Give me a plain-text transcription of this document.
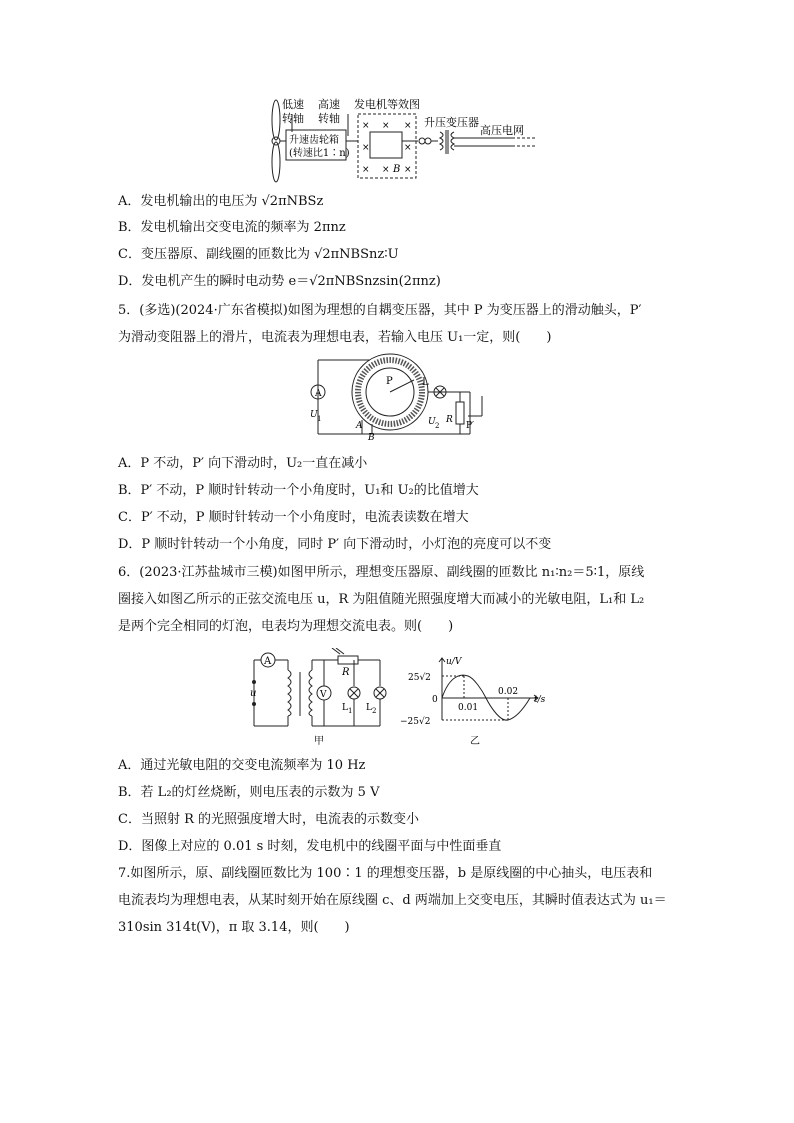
低速
转轴
高速
转轴
发电机等效图
升速齿轮箱
(转速比1∶n)
升压变压器
高压电网
× × ×
×	×
× × ×
B
A．发电机输出的电压为 √2πNBSz
B．发电机输出交变电流的频率为 2πnz
C．变压器原、副线圈的匝数比为 √2πNBSnz∶U
D．发电机产生的瞬时电动势 e＝√2πNBSnzsin(2πnz)
5．(多选)(2024·广东省模拟)如图为理想的自耦变压器，其中 P 为变压器上的滑动触头，P′
为滑动变阻器上的滑片，电流表为理想电表，若输入电压 U₁一定，则(　　)
A
P	L
U 1	U 2
R
P′
A
B
A．P 不动，P′ 向下滑动时，U₂一直在减小
B．P′ 不动，P 顺时针转动一个小角度时，U₁和 U₂的比值增大
C．P′ 不动，P 顺时针转动一个小角度时，电流表读数在增大
D．P 顺时针转动一个小角度，同时 P′ 向下滑动时，小灯泡的亮度可以不变
6．(2023·江苏盐城市三模)如图甲所示，理想变压器原、副线圈的匝数比 n₁∶n₂＝5∶1，原线
圈接入如图乙所示的正弦交流电压 u，R 为阻值随光照强度增大而减小的光敏电阻，L₁和 L₂
是两个完全相同的灯泡，电表均为理想交流电表。则(　　)
A
u
R
V
L 1 L 2
甲
u/V
25√2
0
−25√2
0.01
0.02
t/s
乙
A．通过光敏电阻的交变电流频率为 10 Hz
B．若 L₂的灯丝烧断，则电压表的示数为 5 V
C．当照射 R 的光照强度增大时，电流表的示数变小
D．图像上对应的 0.01 s 时刻，发电机中的线圈平面与中性面垂直
7.如图所示，原、副线圈匝数比为 100∶1 的理想变压器，b 是原线圈的中心抽头，电压表和
电流表均为理想电表，从某时刻开始在原线圈 c、d 两端加上交变电压，其瞬时值表达式为 u₁＝
310sin 314t(V)，π 取 3.14，则(　　)
